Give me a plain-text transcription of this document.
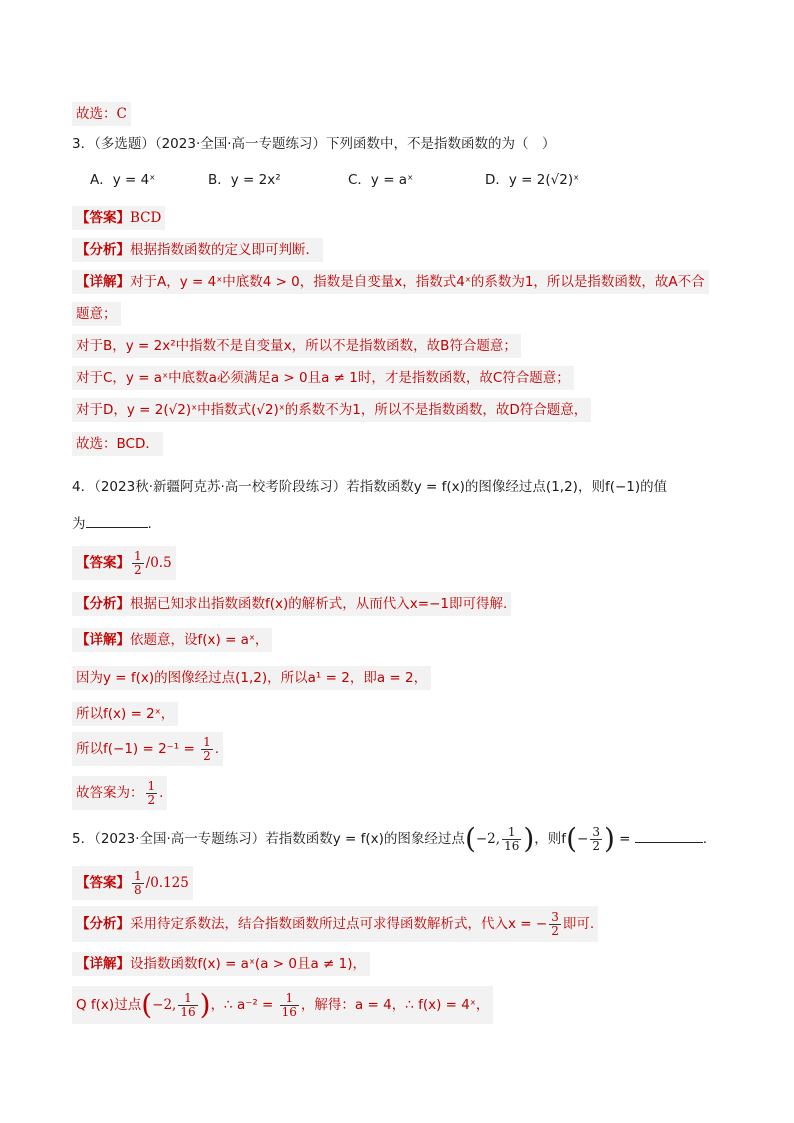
故选：C
3．（多选题）（2023·全国·高一专题练习）下列函数中，不是指数函数的为（　）
A．y = 4ˣ	B．y = 2x²	C．y = aˣ	D．y = 2(√2)ˣ
【答案】BCD
【分析】根据指数函数的定义即可判断．
【详解】对于A，y = 4ˣ中底数4 > 0，指数是自变量x，指数式4ˣ的系数为1，所以是指数函数，故A不合
题意；
对于B，y = 2x²中指数不是自变量x，所以不是指数函数，故B符合题意；
对于C，y = aˣ中底数a必须满足a > 0且a ≠ 1时，才是指数函数，故C符合题意；
对于D，y = 2(√2)ˣ中指数式(√2)ˣ的系数不为1，所以不是指数函数，故D符合题意，
故选：BCD．
4．（2023秋·新疆阿克苏·高一校考阶段练习）若指数函数y = f(x)的图像经过点(1,2)，则f(−1)的值
为	.
【答案】 $\frac{1}{2} /0.5$
【分析】根据已知求出指数函数f(x)的解析式，从而代入x=−1即可得解.
【详解】依题意，设f(x) = aˣ，
因为y = f(x)的图像经过点(1,2)，所以a¹ = 2，即a = 2，
所以f(x) = 2ˣ，
所以$f(-1) = 2^{-1} = \frac{1}{2}$ .
故答案为： $\frac{1}{2}$ .
5．（2023·全国·高一专题练习）若指数函数y = f(x)的图象经过点(−2, $\frac{1}{16}$ )，则$f(- \frac{3}{2}$ ) =	.
【答案】 $\frac{1}{8} /0.125$
【分析】采用待定系数法，结合指数函数所过点可求得函数解析式，代入x = − $\frac{3}{2}$ 即可.
【详解】设指数函数f(x) = aˣ(a > 0且a ≠ 1)，
Q f(x)过点(−2, $\frac{1}{16}$ )，∴ $a^{-2} = \frac{1}{16}$ ，解得：a = 4，∴ f(x) = 4ˣ，
